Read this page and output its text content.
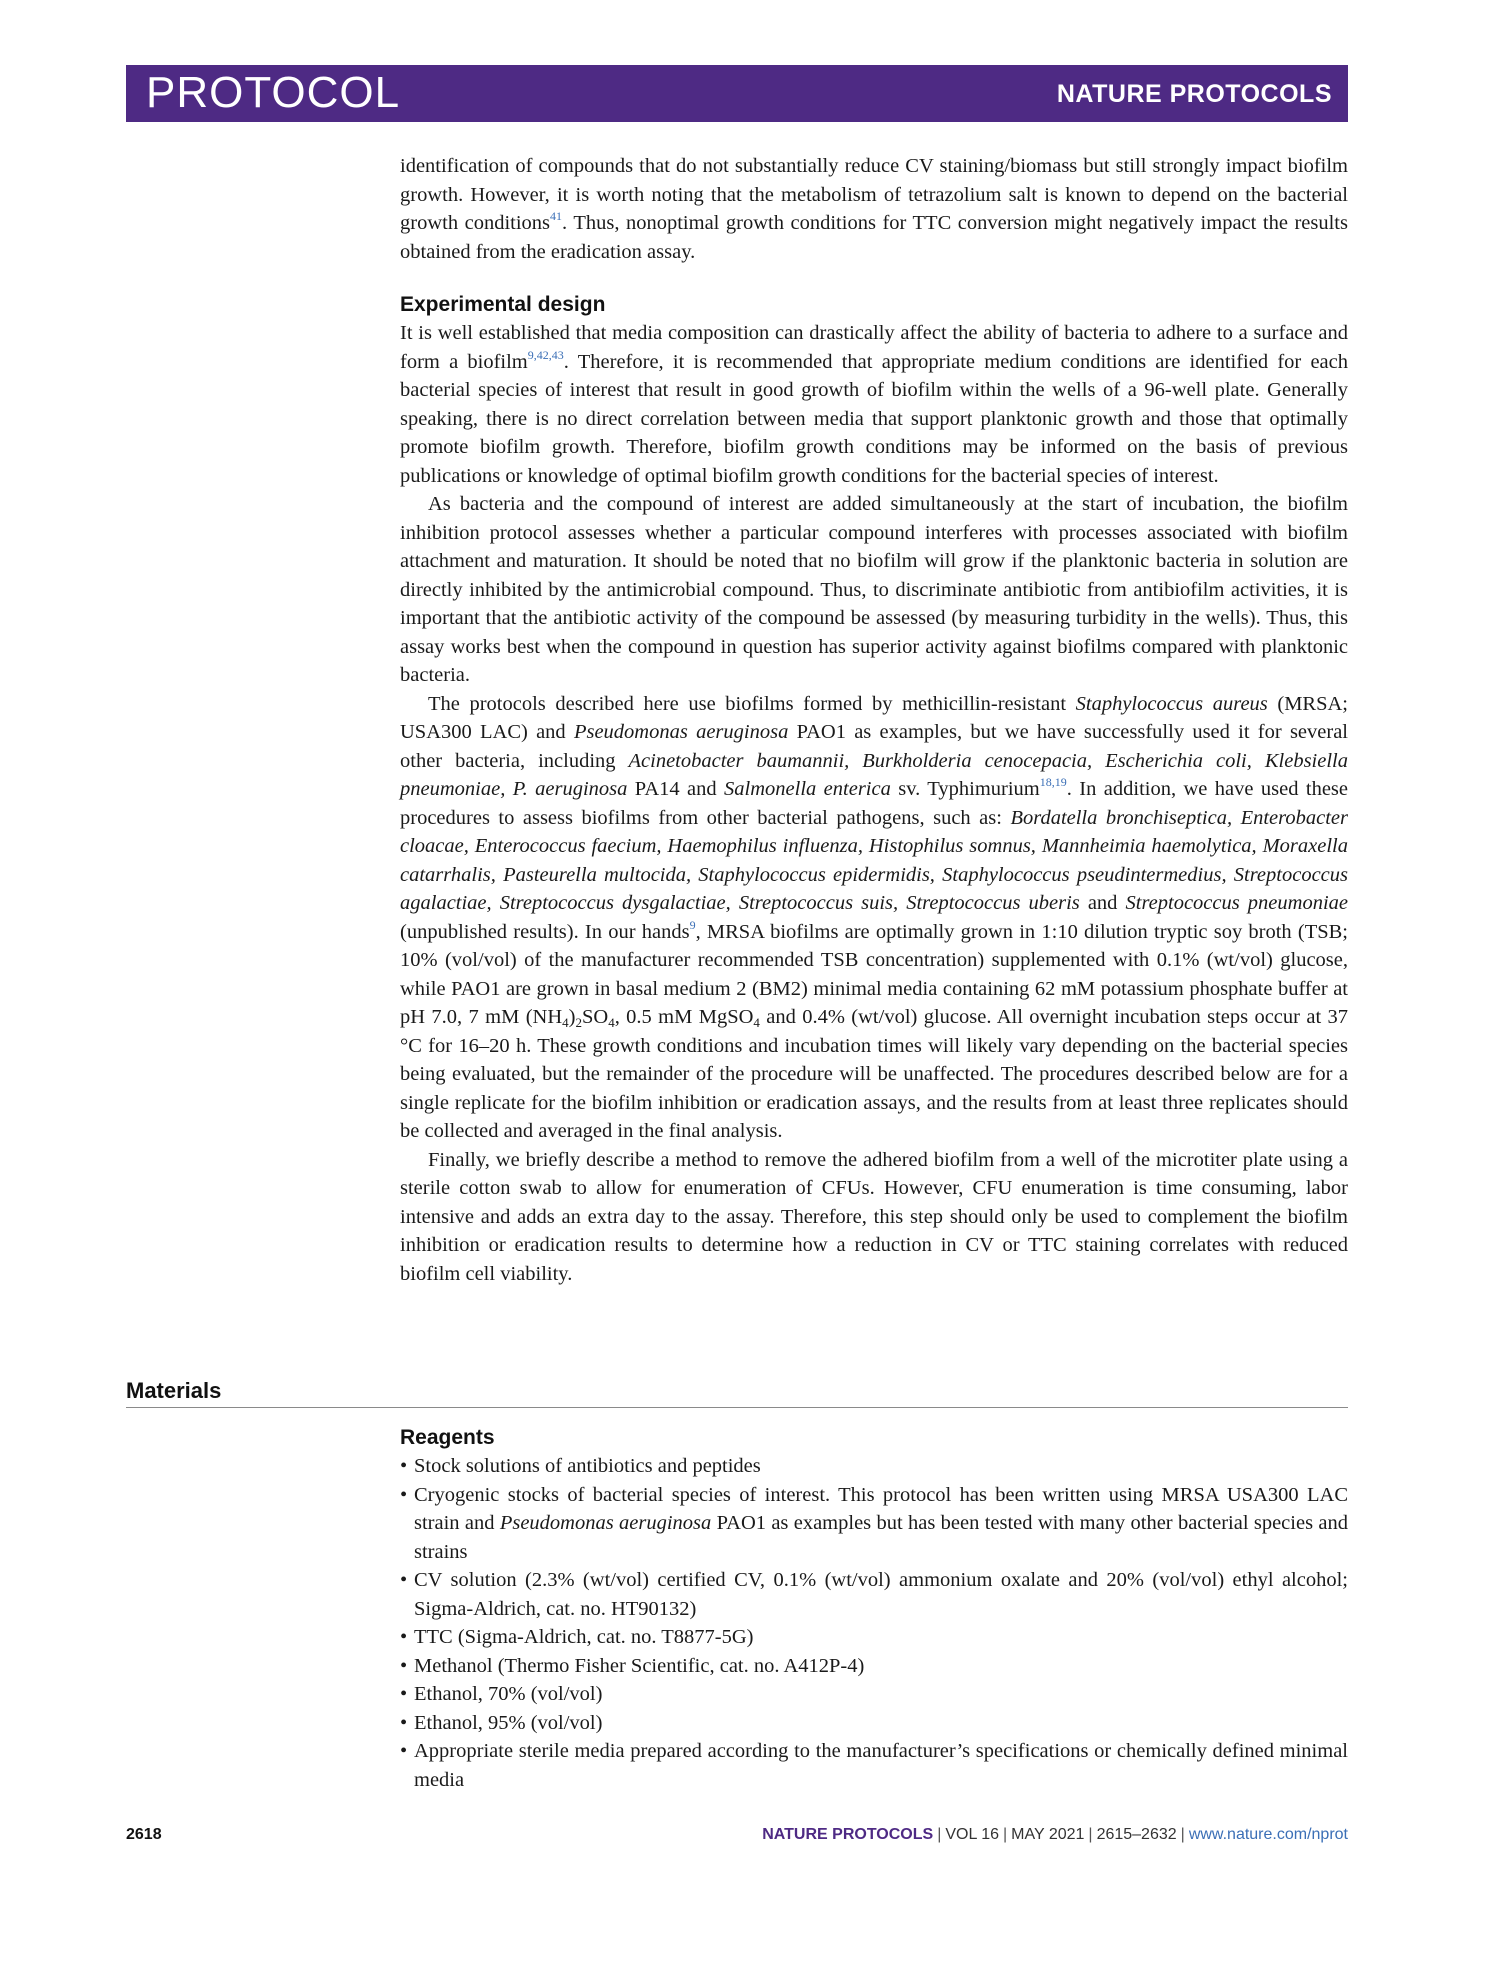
PROTOCOL	NATURE PROTOCOLS

identification of compounds that do not substantially reduce CV staining/biomass but still strongly impact biofilm growth. However, it is worth noting that the metabolism of tetrazolium salt is known to depend on the bacterial growth conditions$^{41}$. Thus, nonoptimal growth conditions for TTC conversion might negatively impact the results obtained from the eradication assay.

Experimental design

It is well established that media composition can drastically affect the ability of bacteria to adhere to a surface and form a biofilm$^{9,42,43}$. Therefore, it is recommended that appropriate medium conditions are identified for each bacterial species of interest that result in good growth of biofilm within the wells of a 96-well plate. Generally speaking, there is no direct correlation between media that support planktonic growth and those that optimally promote biofilm growth. Therefore, biofilm growth conditions may be informed on the basis of previous publications or knowledge of optimal biofilm growth conditions for the bacterial species of interest.

As bacteria and the compound of interest are added simultaneously at the start of incubation, the biofilm inhibition protocol assesses whether a particular compound interferes with processes associated with biofilm attachment and maturation. It should be noted that no biofilm will grow if the planktonic bacteria in solution are directly inhibited by the antimicrobial compound. Thus, to discriminate antibiotic from antibiofilm activities, it is important that the antibiotic activity of the compound be assessed (by measuring turbidity in the wells). Thus, this assay works best when the compound in question has superior activity against biofilms compared with planktonic bacteria.

The protocols described here use biofilms formed by methicillin-resistant Staphylococcus aureus (MRSA; USA300 LAC) and Pseudomonas aeruginosa PAO1 as examples, but we have successfully used it for several other bacteria, including Acinetobacter baumannii, Burkholderia cenocepacia, Escherichia coli, Klebsiella pneumoniae, P. aeruginosa PA14 and Salmonella enterica sv. Typhimurium$^{18,19}$. In addition, we have used these procedures to assess biofilms from other bacterial pathogens, such as: Bordatella bronchiseptica, Enterobacter cloacae, Enterococcus faecium, Haemophilus influenza, Histophilus somnus, Mannheimia haemolytica, Moraxella catarrhalis, Pasteurella multocida, Staphylococcus epidermidis, Staphylococcus pseudintermedius, Streptococcus agalactiae, Streptococcus dysgalactiae, Streptococcus suis, Streptococcus uberis and Streptococcus pneumoniae (unpublished results). In our hands$^9$, MRSA biofilms are optimally grown in 1:10 dilution tryptic soy broth (TSB; 10% (vol/vol) of the manufacturer recommended TSB concentration) supplemented with 0.1% (wt/vol) glucose, while PAO1 are grown in basal medium 2 (BM2) minimal media containing 62 mM potassium phosphate buffer at pH 7.0, 7 mM $(NH_4)_2SO_4$, 0.5 mM MgSO$_4$ and 0.4% (wt/vol) glucose. All overnight incubation steps occur at 37 °C for 16–20 h. These growth conditions and incubation times will likely vary depending on the bacterial species being evaluated, but the remainder of the procedure will be unaffected. The procedures described below are for a single replicate for the biofilm inhibition or eradication assays, and the results from at least three replicates should be collected and averaged in the final analysis.

Finally, we briefly describe a method to remove the adhered biofilm from a well of the microtiter plate using a sterile cotton swab to allow for enumeration of CFUs. However, CFU enumeration is time consuming, labor intensive and adds an extra day to the assay. Therefore, this step should only be used to complement the biofilm inhibition or eradication results to determine how a reduction in CV or TTC staining correlates with reduced biofilm cell viability.

Materials
Reagents
• Stock solutions of antibiotics and peptides
• Cryogenic stocks of bacterial species of interest. This protocol has been written using MRSA USA300 LAC strain and Pseudomonas aeruginosa PAO1 as examples but has been tested with many other bacterial species and strains
• CV solution (2.3% (wt/vol) certified CV, 0.1% (wt/vol) ammonium oxalate and 20% (vol/vol) ethyl alcohol; Sigma-Aldrich, cat. no. HT90132)
• TTC (Sigma-Aldrich, cat. no. T8877-5G)
• Methanol (Thermo Fisher Scientific, cat. no. A412P-4)
• Ethanol, 70% (vol/vol)
• Ethanol, 95% (vol/vol)
• Appropriate sterile media prepared according to the manufacturer’s specifications or chemically defined minimal media
2618	NATURE PROTOCOLS | VOL 16 | MAY 2021 | 2615–2632 | www.nature.com/nprot
